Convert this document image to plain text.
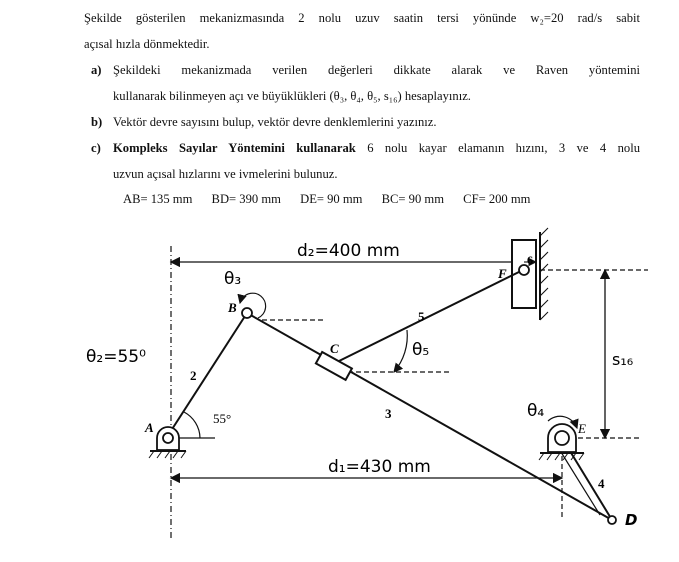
Şekilde gösterilen mekanizmasında 2 nolu uzuv saatin tersi yönünde w₂=20 rad/s sabit
açısal hızla dönmektedir.
a) Şekildeki mekanizmada verilen değerleri dikkate alarak ve Raven yöntemini
kullanarak bilinmeyen açı ve büyüklükleri (θ₃, θ₄, θ₅, s₁₆) hesaplayınız.
b) Vektör devre sayısını bulup, vektör devre denklemlerini yazınız.
c) Kompleks Sayılar Yöntemini kullanarak 6 nolu kayar elamanın hızını, 3 ve 4 nolu
uzvun açısal hızlarını ve ivmelerini bulunuz.
AB= 135 mm BD= 390 mm DE= 90 mm BC= 90 mm CF= 200 mm
d₂=400 mm
d₁=430 mm
θ₂=55⁰
θ₃
θ₄
θ₅	s₁₆
55°
A
B
C
D
E
F
2
3
4
5
6
